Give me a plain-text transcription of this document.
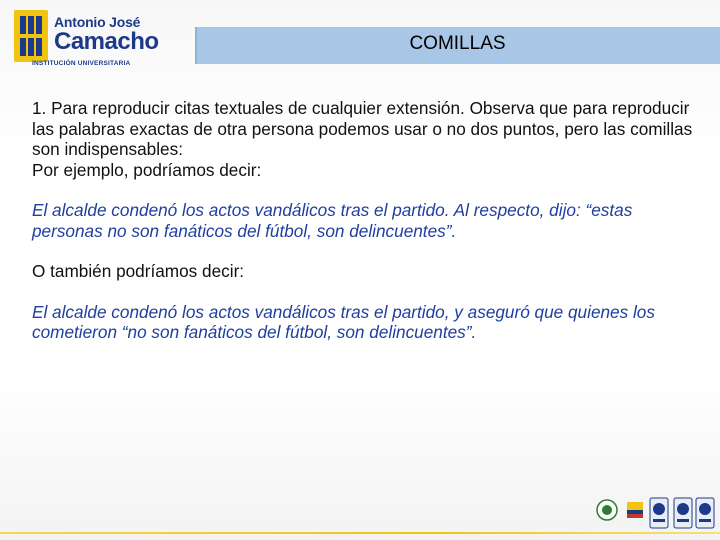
Antonio José
Camacho
INSTITUCIÓN UNIVERSITARIA
COMILLAS

1. Para reproducir citas textuales de cualquier extensión. Observa que para reproducir las palabras exactas de otra persona podemos usar o no dos puntos, pero las comillas son indispensables:

Por ejemplo, podríamos decir:

El alcalde condenó los actos vandálicos tras el partido. Al respecto, dijo: “estas personas no son fanáticos del fútbol, son delincuentes”.

O también podríamos decir:

El alcalde condenó los actos vandálicos tras el partido, y aseguró que quienes los cometieron “no son fanáticos del fútbol, son delincuentes”.
